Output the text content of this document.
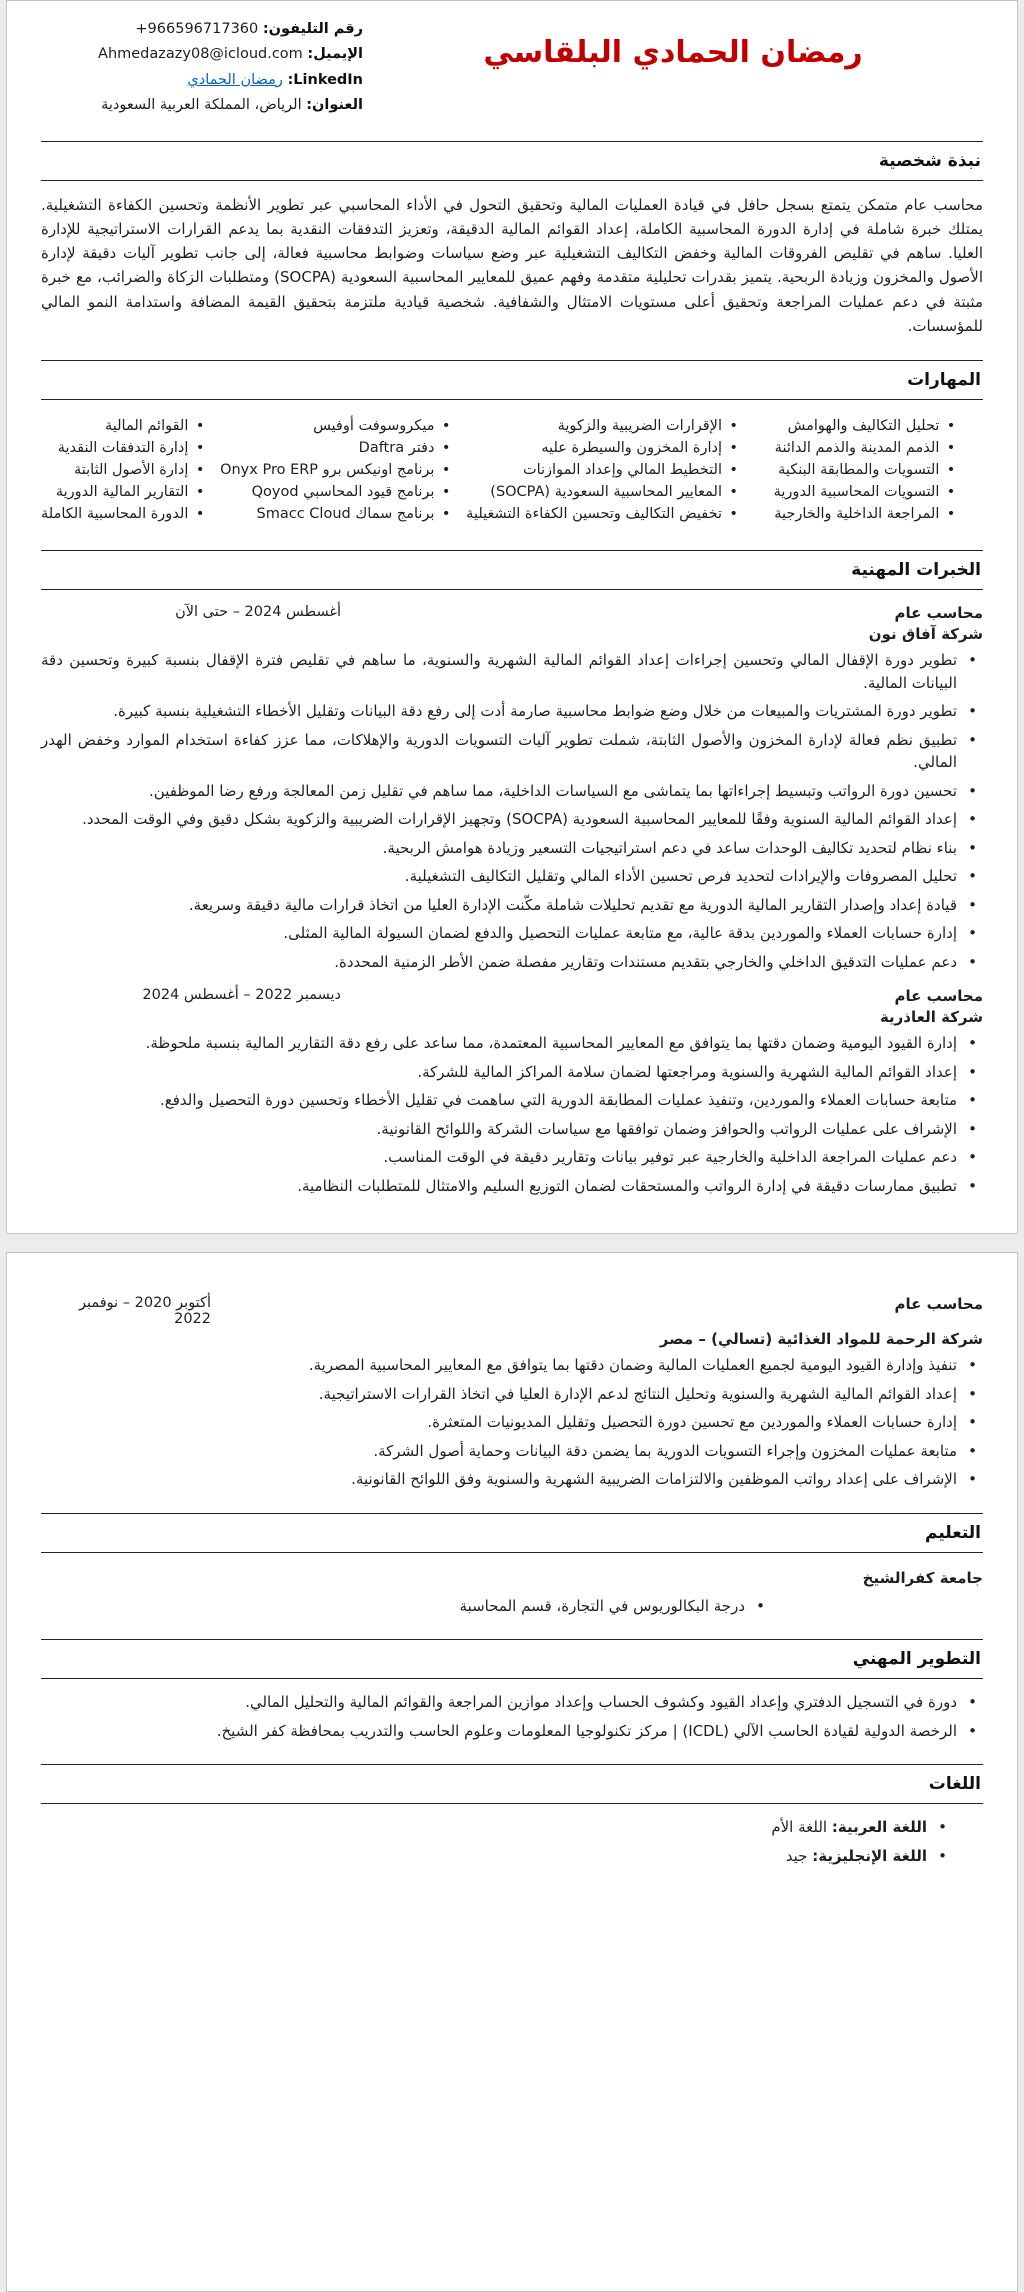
رمضان الحمادي البلقاسي
رقم التليفون: +966596717360
الإيميل: Ahmedazazy08@icloud.com
LinkedIn: رمضان الحمادي
العنوان: الرياض، المملكة العربية السعودية
نبذة شخصية

محاسب عام متمكن يتمتع بسجل حافل في قيادة العمليات المالية وتحقيق التحول في الأداء المحاسبي عبر تطوير الأنظمة وتحسين الكفاءة التشغيلية. يمتلك خبرة شاملة في إدارة الدورة المحاسبية الكاملة، إعداد القوائم المالية الدقيقة، وتعزيز التدفقات النقدية بما يدعم القرارات الاستراتيجية للإدارة العليا. ساهم في تقليص الفروقات المالية وخفض التكاليف التشغيلية عبر وضع سياسات وضوابط محاسبية فعالة، إلى جانب تطوير آليات دقيقة لإدارة الأصول والمخزون وزيادة الربحية. يتميز بقدرات تحليلية متقدمة وفهم عميق للمعايير المحاسبية السعودية (SOCPA) ومتطلبات الزكاة والضرائب، مع خبرة مثبتة في دعم عمليات المراجعة وتحقيق أعلى مستويات الامتثال والشفافية. شخصية قيادية ملتزمة بتحقيق القيمة المضافة واستدامة النمو المالي للمؤسسات.

المهارات
• تحليل التكاليف والهوامش
• الذمم المدينة والذمم الدائنة
• التسويات والمطابقة البنكية
• التسويات المحاسبية الدورية
• المراجعة الداخلية والخارجية
• الإقرارات الضريبية والزكوية
• إدارة المخزون والسيطرة عليه
• التخطيط المالي وإعداد الموازنات
• المعايير المحاسبية السعودية (SOCPA)
• تخفيض التكاليف وتحسين الكفاءة التشغيلية
• ميكروسوفت أوفيس
• دفتر Daftra
• برنامج اونيكس برو Onyx Pro ERP
• برنامج قيود المحاسبي Qoyod
• برنامج سماك Smacc Cloud
• القوائم المالية
• إدارة التدفقات النقدية
• إدارة الأصول الثابتة
• التقارير المالية الدورية
• الدورة المحاسبية الكاملة
الخبرات المهنية
محاسب عام
أغسطس 2024 – حتى الآن
شركة آفاق نون
• تطوير دورة الإقفال المالي وتحسين إجراءات إعداد القوائم المالية الشهرية والسنوية، ما ساهم في تقليص فترة الإقفال بنسبة كبيرة وتحسين دقة البيانات المالية.
• تطوير دورة المشتريات والمبيعات من خلال وضع ضوابط محاسبية صارمة أدت إلى رفع دقة البيانات وتقليل الأخطاء التشغيلية بنسبة كبيرة.
• تطبيق نظم فعالة لإدارة المخزون والأصول الثابتة، شملت تطوير آليات التسويات الدورية والإهلاكات، مما عزز كفاءة استخدام الموارد وخفض الهدر المالي.
• تحسين دورة الرواتب وتبسيط إجراءاتها بما يتماشى مع السياسات الداخلية، مما ساهم في تقليل زمن المعالجة ورفع رضا الموظفين.
• إعداد القوائم المالية السنوية وفقًا للمعايير المحاسبية السعودية (SOCPA) وتجهيز الإقرارات الضريبية والزكوية بشكل دقيق وفي الوقت المحدد.
• بناء نظام لتحديد تكاليف الوحدات ساعد في دعم استراتيجيات التسعير وزيادة هوامش الربحية.
• تحليل المصروفات والإيرادات لتحديد فرص تحسين الأداء المالي وتقليل التكاليف التشغيلية.
• قيادة إعداد وإصدار التقارير المالية الدورية مع تقديم تحليلات شاملة مكّنت الإدارة العليا من اتخاذ قرارات مالية دقيقة وسريعة.
• إدارة حسابات العملاء والموردين بدقة عالية، مع متابعة عمليات التحصيل والدفع لضمان السيولة المالية المثلى.
• دعم عمليات التدقيق الداخلي والخارجي بتقديم مستندات وتقارير مفصلة ضمن الأطر الزمنية المحددة.
محاسب عام
ديسمبر 2022 – أغسطس 2024
شركة العاذرية
• إدارة القيود اليومية وضمان دقتها بما يتوافق مع المعايير المحاسبية المعتمدة، مما ساعد على رفع دقة التقارير المالية بنسبة ملحوظة.
• إعداد القوائم المالية الشهرية والسنوية ومراجعتها لضمان سلامة المراكز المالية للشركة.
• متابعة حسابات العملاء والموردين، وتنفيذ عمليات المطابقة الدورية التي ساهمت في تقليل الأخطاء وتحسين دورة التحصيل والدفع.
• الإشراف على عمليات الرواتب والحوافز وضمان توافقها مع سياسات الشركة واللوائح القانونية.
• دعم عمليات المراجعة الداخلية والخارجية عبر توفير بيانات وتقارير دقيقة في الوقت المناسب.
• تطبيق ممارسات دقيقة في إدارة الرواتب والمستحقات لضمان التوزيع السليم والامتثال للمتطلبات النظامية.
محاسب عام
أكتوبر 2020 – نوفمبر 2022
شركة الرحمة للمواد الغذائية (تسالي) – مصر
• تنفيذ وإدارة القيود اليومية لجميع العمليات المالية وضمان دقتها بما يتوافق مع المعايير المحاسبية المصرية.
• إعداد القوائم المالية الشهرية والسنوية وتحليل النتائج لدعم الإدارة العليا في اتخاذ القرارات الاستراتيجية.
• إدارة حسابات العملاء والموردين مع تحسين دورة التحصيل وتقليل المديونيات المتعثرة.
• متابعة عمليات المخزون وإجراء التسويات الدورية بما يضمن دقة البيانات وحماية أصول الشركة.
• الإشراف على إعداد رواتب الموظفين والالتزامات الضريبية الشهرية والسنوية وفق اللوائح القانونية.
التعليم
جامعة كفرالشيخ
• درجة البكالوريوس في التجارة، قسم المحاسبة
التطوير المهني
• دورة في التسجيل الدفتري وإعداد القيود وكشوف الحساب وإعداد موازين المراجعة والقوائم المالية والتحليل المالي.
• الرخصة الدولية لقيادة الحاسب الآلي (ICDL) | مركز تكنولوجيا المعلومات وعلوم الحاسب والتدريب بمحافظة كفر الشيخ.
اللغات
• اللغة العربية: اللغة الأم
• اللغة الإنجليزية: جيد
